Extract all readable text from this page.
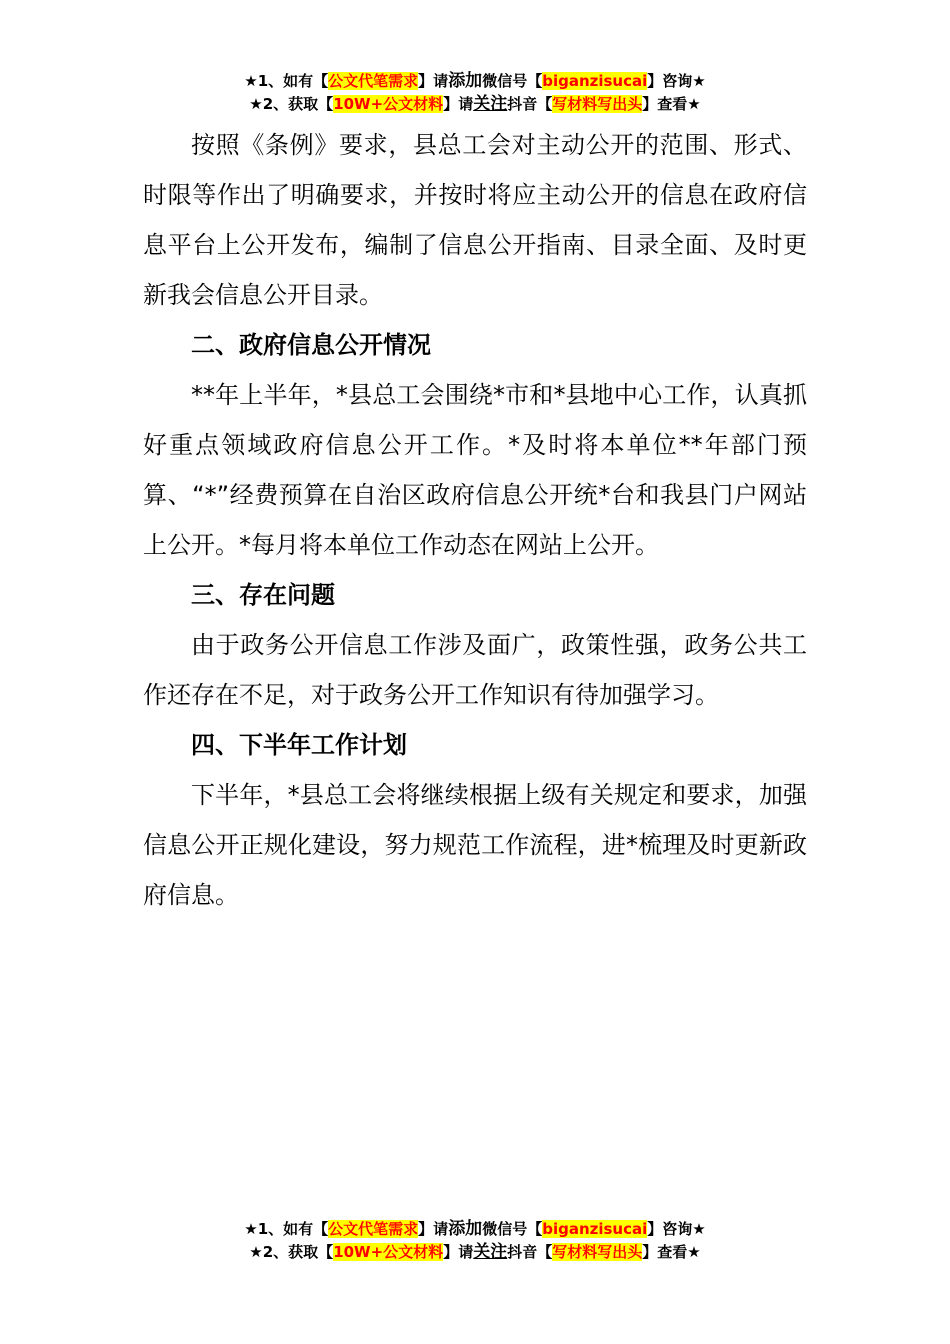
★1、如有【公文代笔需求】请添加微信号【biganzisucai】咨询★
★2、获取【10W+公文材料】请关注抖音【写材料写出头】查看★

按照《条例》要求，县总工会对主动公开的范围、形式、时限等作出了明确要求，并按时将应主动公开的信息在政府信息平台上公开发布，编制了信息公开指南、目录全面、及时更新我会信息公开目录。

二、政府信息公开情况

**年上半年，*县总工会围绕*市和*县地中心工作，认真抓好重点领域政府信息公开工作。*及时将本单位**年部门预算、“*”经费预算在自治区政府信息公开统*台和我县门户网站上公开。*每月将本单位工作动态在网站上公开。

三、存在问题

由于政务公开信息工作涉及面广，政策性强，政务公共工作还存在不足，对于政务公开工作知识有待加强学习。

四、下半年工作计划

下半年，*县总工会将继续根据上级有关规定和要求，加强信息公开正规化建设，努力规范工作流程，进*梳理及时更新政府信息。

★1、如有【公文代笔需求】请添加微信号【biganzisucai】咨询★
★2、获取【10W+公文材料】请关注抖音【写材料写出头】查看★
